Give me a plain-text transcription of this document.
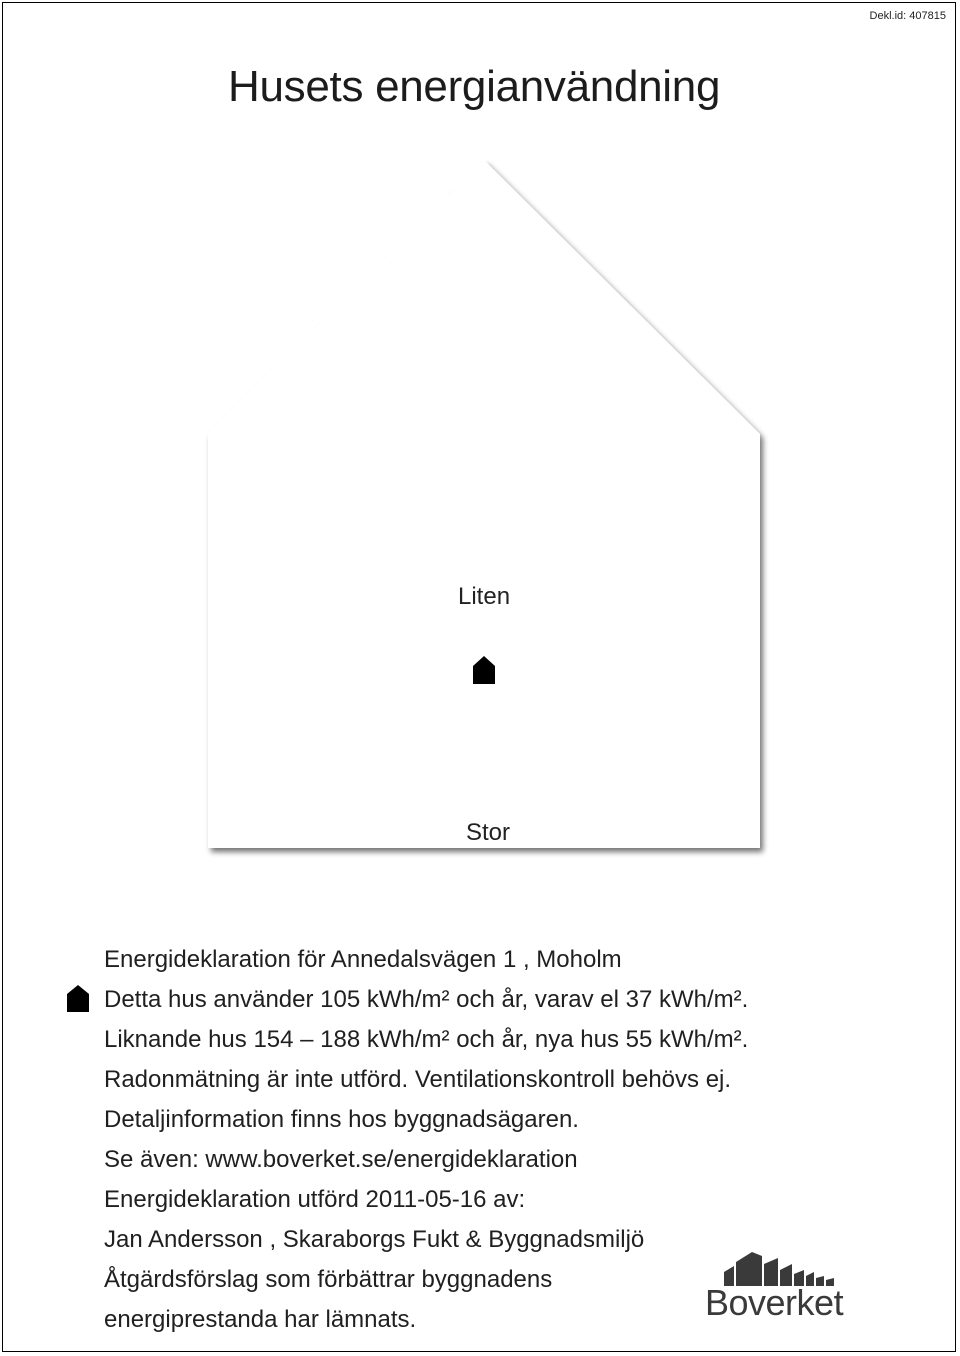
Dekl.id: 407815
Husets energianvändning
Liten
Stor
Energideklaration för Annedalsvägen 1 , Moholm
Detta hus använder 105 kWh/m² och år, varav el 37 kWh/m².
Liknande hus 154 – 188 kWh/m² och år, nya hus 55 kWh/m².
Radonmätning är inte utförd. Ventilationskontroll behövs ej.
Detaljinformation finns hos byggnadsägaren.
Se även: www.boverket.se/energideklaration
Energideklaration utförd 2011-05-16 av:
Jan Andersson , Skaraborgs Fukt & Byggnadsmiljö
Åtgärdsförslag som förbättrar byggnadens
energiprestanda har lämnats.	Boverket
